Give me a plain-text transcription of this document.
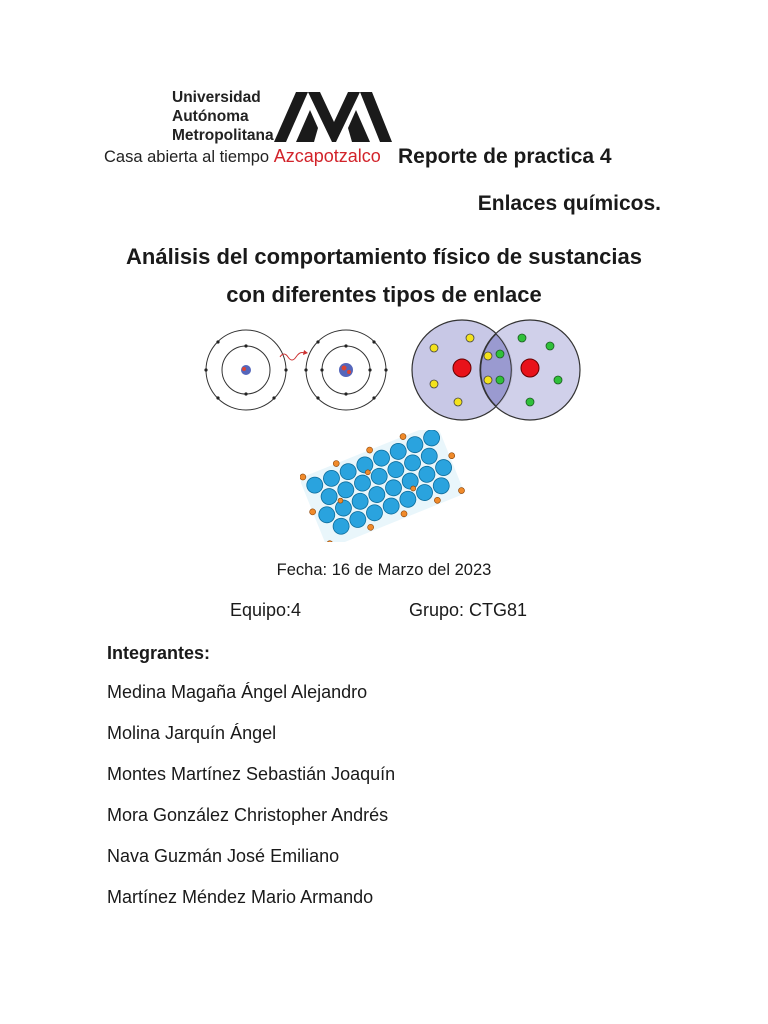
Universidad
Autónoma
Metropolitana
Casa abierta al tiempo Azcapotzalco Reporte de practica 4
Enlaces químicos.
Análisis del comportamiento físico de sustancias
con diferentes tipos de enlace
Fecha: 16 de Marzo del 2023
Equipo:4	Grupo: CTG81
Integrantes:
Medina Magaña Ángel Alejandro
Molina Jarquín Ángel
Montes Martínez Sebastián Joaquín
Mora González Christopher Andrés
Nava Guzmán José Emiliano
Martínez Méndez Mario Armando
